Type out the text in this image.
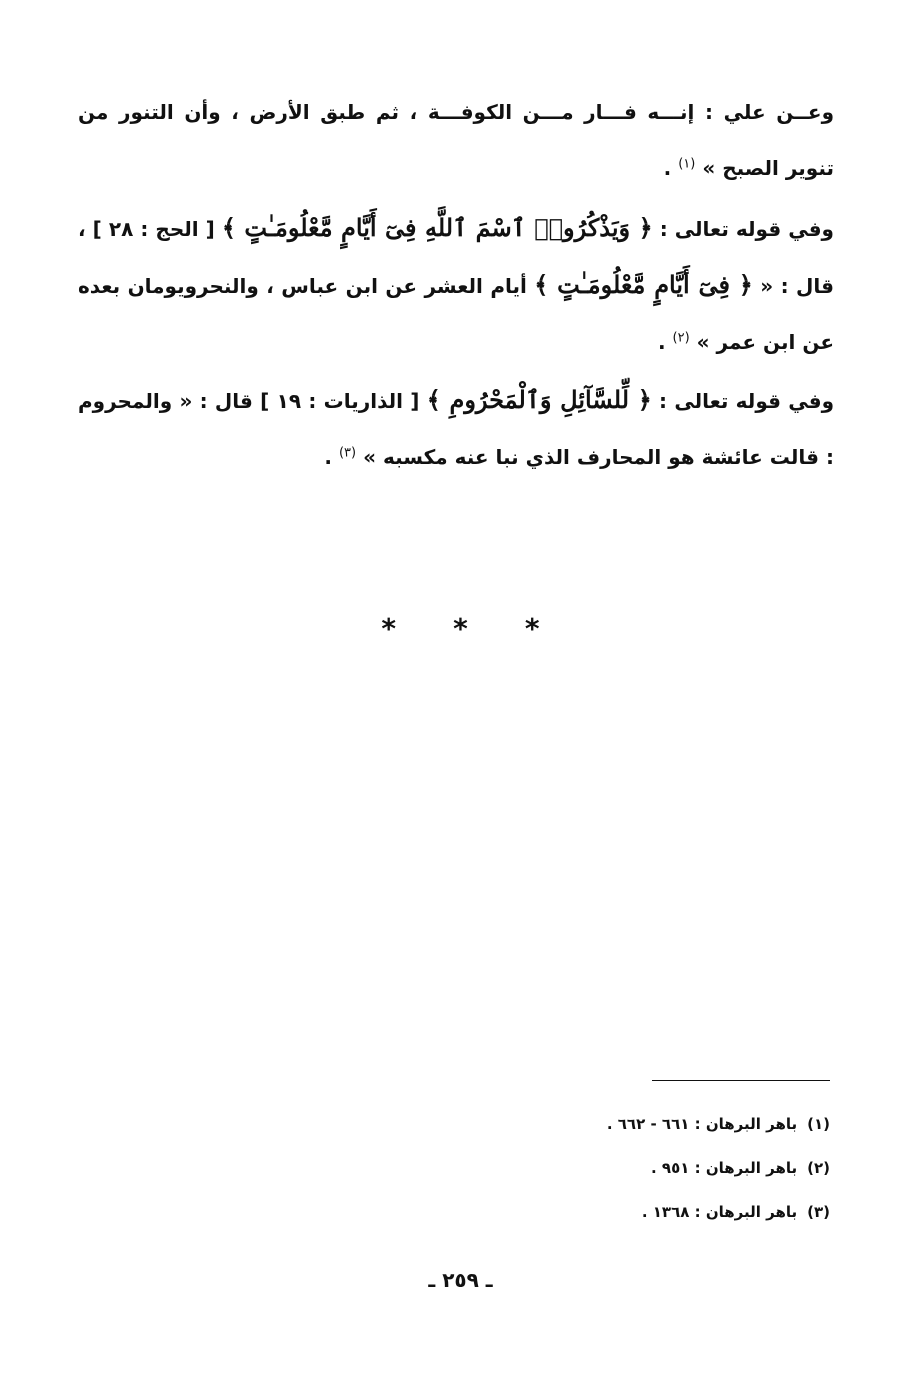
وعــن علي : إنـــه فـــار مـــن الكوفـــة ، ثم طبق الأرض ، وأن التنور من تنوير الصبح » $^{(١)}$ .

وفي قوله تعالى : ﴿ وَيَذْكُرُوا۟ ٱسْمَ ٱللَّهِ فِىٓ أَيَّامٍ مَّعْلُومَـٰتٍ ﴾ [ الحج : ٢٨ ] ، قال : « ﴿ فِىٓ أَيَّامٍ مَّعْلُومَـٰتٍ ﴾ أيام العشر عن ابن عباس ، والنحرويومان بعده عن ابن عمر » $^{(٢)}$ .

وفي قوله تعالى : ﴿ لِّلسَّآئِلِ وَٱلْمَحْرُومِ ﴾ [ الذاريات : ١٩ ] قال : « والمحروم : قالت عائشة هو المحارف الذي نبا عنه مكسبه » $^{(٣)}$ .

* * *
(١)باهر البرهان : ٦٦١ - ٦٦٢ .
(٢)باهر البرهان : ٩٥١ .
(٣)باهر البرهان : ١٣٦٨ .
ـ ٢٥٩ ـ
